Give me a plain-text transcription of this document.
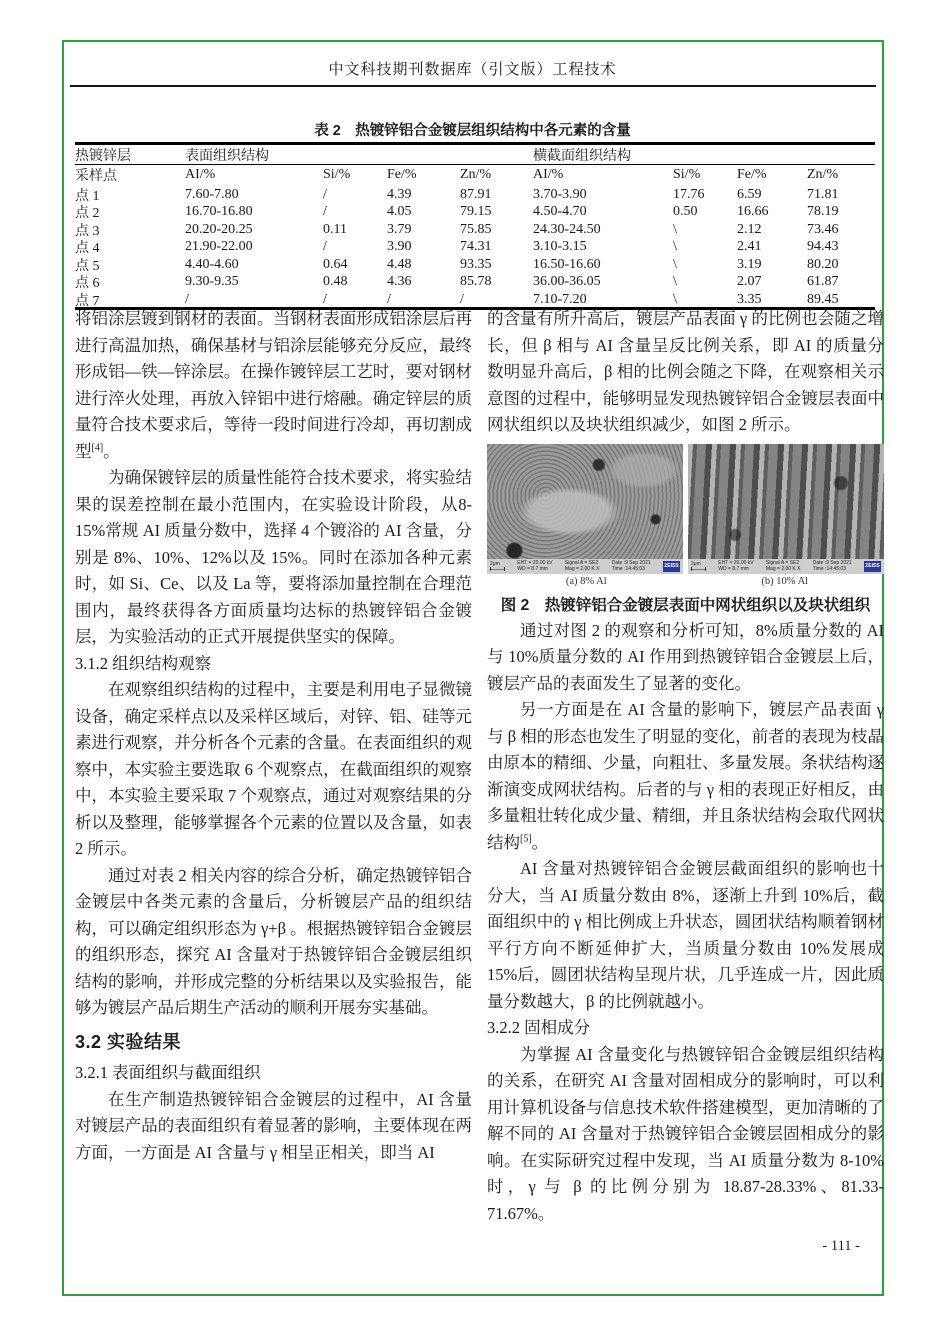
中文科技期刊数据库（引文版）工程技术
表 2　热镀锌铝合金镀层组织结构中各元素的含量
热镀锌层	表面组织结构	横截面组织结构
采样点	AI/%	Si/%	Fe/%	Zn/%	AI/%	Si/%	Fe/%	Zn/%
点 1	7.60-7.80	/	4.39	87.91	3.70-3.90	17.76	6.59	71.81
点 2	16.70-16.80	/	4.05	79.15	4.50-4.70	0.50	16.66	78.19
点 3	20.20-20.25	0.11	3.79	75.85	24.30-24.50	\	2.12	73.46
点 4	21.90-22.00	/	3.90	74.31	3.10-3.15	\	2.41	94.43
点 5	4.40-4.60	0.64	4.48	93.35	16.50-16.60	\	3.19	80.20
点 6	9.30-9.35	0.48	4.36	85.78	36.00-36.05	\	2.07	61.87
点 7	/	/	/	/	7.10-7.20	\	3.35	89.45

将铝涂层镀到钢材的表面。当钢材表面形成铝涂层后再进行高温加热，确保基材与铝涂层能够充分反应，最终形成铝—铁—锌涂层。在操作镀锌层工艺时，要对钢材进行淬火处理，再放入锌铝中进行熔融。确定锌层的质量符合技术要求后，等待一段时间进行冷却，再切割成型[4]。

为确保镀锌层的质量性能符合技术要求，将实验结果的误差控制在最小范围内，在实验设计阶段，从8-15%常规 AI 质量分数中，选择 4 个镀浴的 AI 含量，分别是 8%、10%、12%以及 15%。同时在添加各种元素时，如 Si、Ce、以及 La 等，要将添加量控制在合理范围内，最终获得各方面质量均达标的热镀锌铝合金镀层，为实验活动的正式开展提供坚实的保障。

3.1.2 组织结构观察

在观察组织结构的过程中，主要是利用电子显微镜设备，确定采样点以及采样区域后，对锌、铝、硅等元素进行观察，并分析各个元素的含量。在表面组织的观察中，本实验主要选取 6 个观察点，在截面组织的观察中，本实验主要采取 7 个观察点，通过对观察结果的分析以及整理，能够掌握各个元素的位置以及含量，如表 2 所示。

通过对表 2 相关内容的综合分析，确定热镀锌铝合金镀层中各类元素的含量后，分析镀层产品的组织结构，可以确定组织形态为 γ+β 。根据热镀锌铝合金镀层的组织形态，探究 AI 含量对于热镀锌铝合金镀层组织结构的影响，并形成完整的分析结果以及实验报告，能够为镀层产品后期生产活动的顺利开展夯实基础。

3.2 实验结果
3.2.1 表面组织与截面组织

在生产制造热镀锌铝合金镀层的过程中，AI 含量对镀层产品的表面组织有着显著的影响，主要体现在两方面，一方面是 AI 含量与 γ 相呈正相关，即当 AI

的含量有所升高后，镀层产品表面 γ 的比例也会随之增长，但 β 相与 AI 含量呈反比例关系，即 AI 的质量分数明显升高后，β 相的比例会随之下降，在观察相关示意图的过程中，能够明显发现热镀锌铝合金镀层表面中网状组织以及块状组织减少，如图 2 所示。

2μm	EHT = 20.00 kV
WD = 8.7 mm
Signal A = SE2
Mag = 2.00 K X
Date :9 Sep 2021
Time :14:45:03
ZEISS 2μm	EHT = 20.00 kV
WD = 8.7 mm
Signal A = SE2
Mag = 2.00 K X
Date :9 Sep 2021
Time :14:45:03
ZEISS
(a) 8% Al	(b) 10% Al
图 2　热镀锌铝合金镀层表面中网状组织以及块状组织

通过对图 2 的观察和分析可知，8%质量分数的 AI 与 10%质量分数的 AI 作用到热镀锌铝合金镀层上后，镀层产品的表面发生了显著的变化。

另一方面是在 AI 含量的影响下，镀层产品表面 γ 与 β 相的形态也发生了明显的变化，前者的表现为枝晶由原本的精细、少量，向粗壮、多量发展。条状结构逐渐演变成网状结构。后者的与 γ 相的表现正好相反，由多量粗壮转化成少量、精细，并且条状结构会取代网状结构[5]。

AI 含量对热镀锌铝合金镀层截面组织的影响也十分大，当 AI 质量分数由 8%，逐渐上升到 10%后，截面组织中的 γ 相比例成上升状态，圆团状结构顺着钢材平行方向不断延伸扩大，当质量分数由 10%发展成 15%后，圆团状结构呈现片状，几乎连成一片，因此质量分数越大，β 的比例就越小。

3.2.2 固相成分

为掌握 AI 含量变化与热镀锌铝合金镀层组织结构的关系，在研究 AI 含量对固相成分的影响时，可以利用计算机设备与信息技术软件搭建模型，更加清晰的了解不同的 AI 含量对于热镀锌铝合金镀层固相成分的影响。在实际研究过程中发现，当 AI 质量分数为 8-10%时，γ 与 β 的比例分别为 18.87-28.33%、81.33-71.67%。

- 111 -
